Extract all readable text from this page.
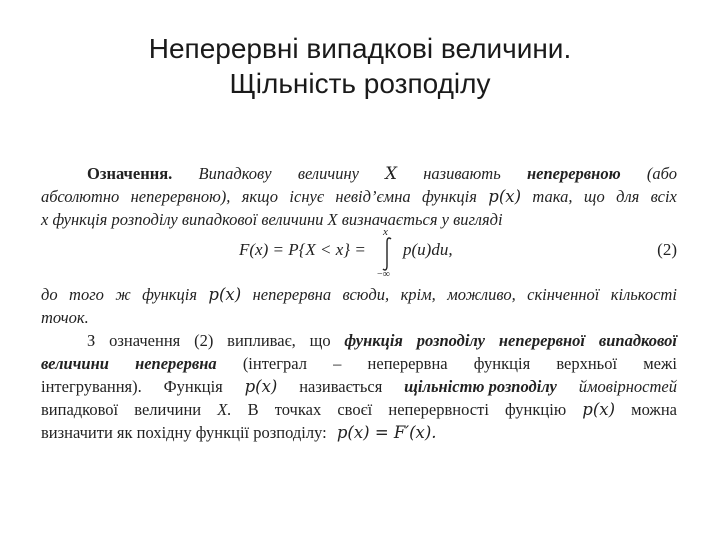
Неперервні випадкові величини.
Щільність розподілу
Означення. Випадкову величину X називають неперервною (або
абсолютно неперервною), якщо існує невід’ємна функція p(x) така, що для всіх
x функція розподілу випадкової величини X визначається у вигляді
F(x) = P{X < x} =
x
−∞
p(u)du,	(2)
до того ж функція p(x) неперервна всюди, крім, можливо, скінченної кількості
точок.
З означення (2) випливає, що функція розподілу неперервної випадкової
величини неперервна (інтеграл – неперервна функція верхньої межі
інтегрування). Функція p(x) називається щільністю розподілу ймовірностей
випадкової величини X. В точках своєї неперервності функцію p(x) можна
визначити як похідну функції розподілу: p(x) = F′(x).
